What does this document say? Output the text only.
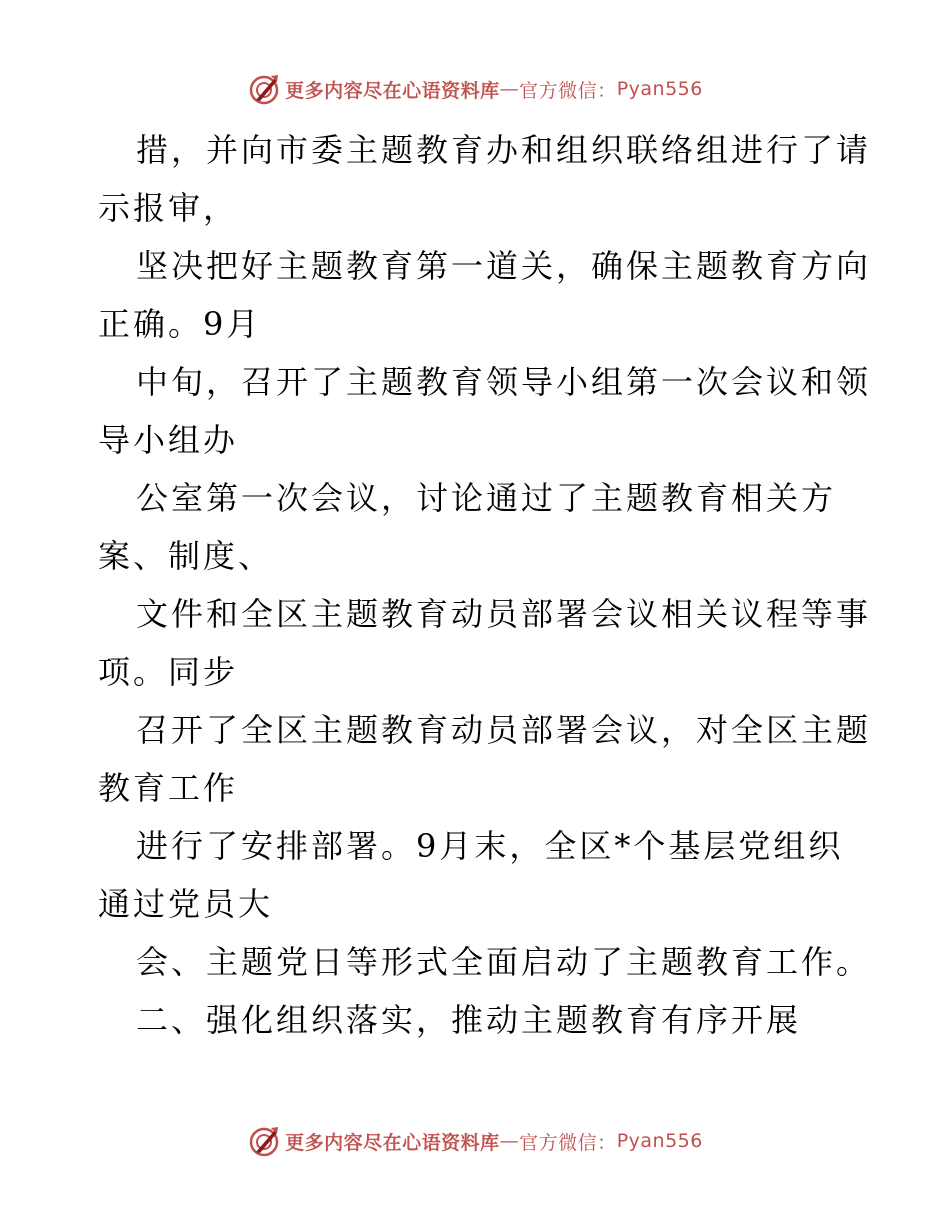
更多内容尽在心语资料库 — 官方微信： Pyan556

措，并向市委主题教育办和组织联络组进行了请
示报审，

坚决把好主题教育第一道关，确保主题教育方向
正确。9月

中旬，召开了主题教育领导小组第一次会议和领
导小组办

公室第一次会议，讨论通过了主题教育相关方
案、制度、

文件和全区主题教育动员部署会议相关议程等事
项。同步

召开了全区主题教育动员部署会议，对全区主题
教育工作

进行了安排部署。9月末，全区*个基层党组织
通过党员大

会、主题党日等形式全面启动了主题教育工作。

二、强化组织落实，推动主题教育有序开展

更多内容尽在心语资料库 — 官方微信： Pyan556
